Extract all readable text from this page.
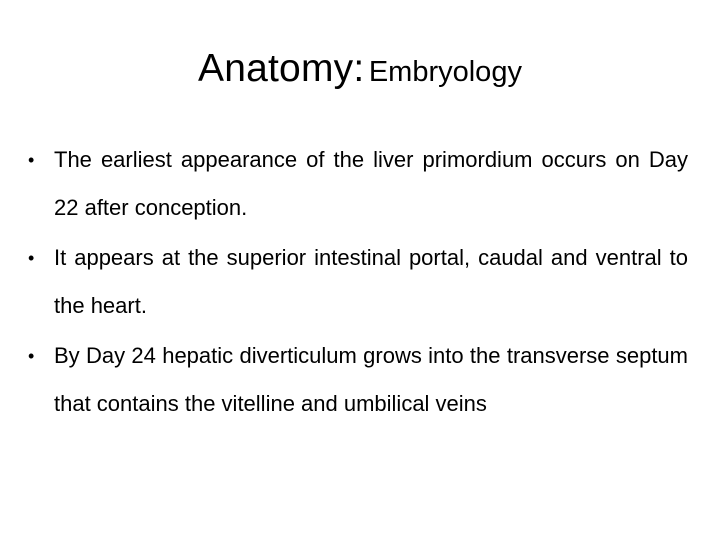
Anatomy: Embryology
• The earliest appearance of the liver primordium occurs on Day 22 after conception.
• It appears at the superior intestinal portal, caudal and ventral to the heart.
• By Day 24 hepatic diverticulum grows into the transverse septum that contains the vitelline and umbilical veins
